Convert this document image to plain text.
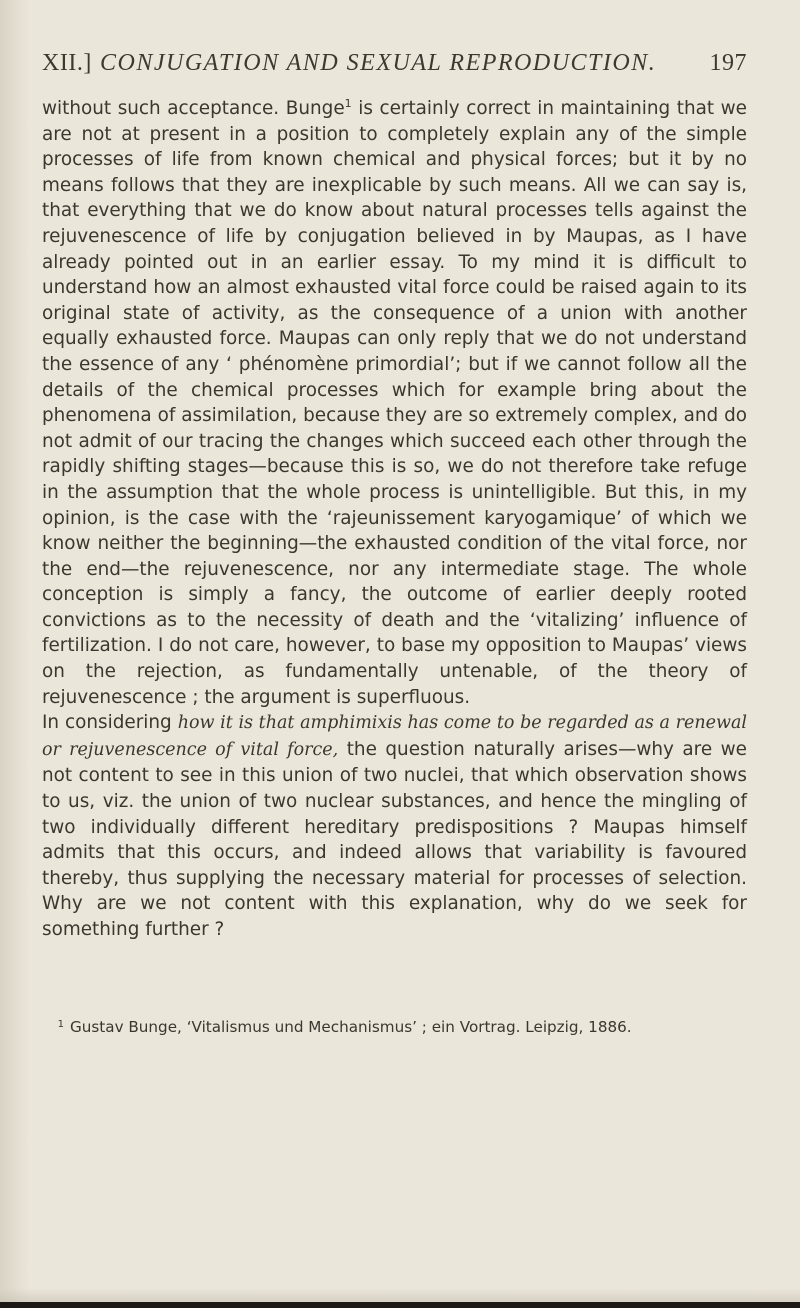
XII.] CONJUGATION AND SEXUAL REPRODUCTION. 197

without such acceptance. Bunge$^1$ is certainly correct in maintaining that we are not at present in a position to completely explain any of the simple processes of life from known chemical and physical forces; but it by no means follows that they are inexplicable by such means. All we can say is, that everything that we do know about natural processes tells against the rejuvenescence of life by conjugation believed in by Maupas, as I have already pointed out in an earlier essay. To my mind it is difficult to understand how an almost exhausted vital force could be raised again to its original state of activity, as the consequence of a union with another equally exhausted force. Maupas can only reply that we do not understand the essence of any ‘ phénomène primordial’; but if we cannot follow all the details of the chemical processes which for example bring about the phenomena of assimilation, because they are so extremely complex, and do not admit of our tracing the changes which succeed each other through the rapidly shifting stages—because this is so, we do not therefore take refuge in the assumption that the whole process is unintelligible. But this, in my opinion, is the case with the ‘rajeunissement karyogamique’ of which we know neither the beginning—the exhausted condition of the vital force, nor the end—the rejuvenescence, nor any intermediate stage. The whole conception is simply a fancy, the outcome of earlier deeply rooted convictions as to the necessity of death and the ‘vitalizing’ influence of fertilization. I do not care, however, to base my opposition to Maupas’ views on the rejection, as fundamentally untenable, of the theory of rejuvenescence ; the argument is superfluous.

In considering how it is that amphimixis has come to be regarded as a renewal or rejuvenescence of vital force, the question naturally arises—why are we not content to see in this union of two nuclei, that which observation shows to us, viz. the union of two nuclear substances, and hence the mingling of two individually different hereditary predispositions ? Maupas himself admits that this occurs, and indeed allows that variability is favoured thereby, thus supplying the necessary material for processes of selection. Why are we not content with this explanation, why do we seek for something further ?

1 Gustav Bunge, ‘Vitalismus und Mechanismus’ ; ein Vortrag. Leipzig, 1886.
